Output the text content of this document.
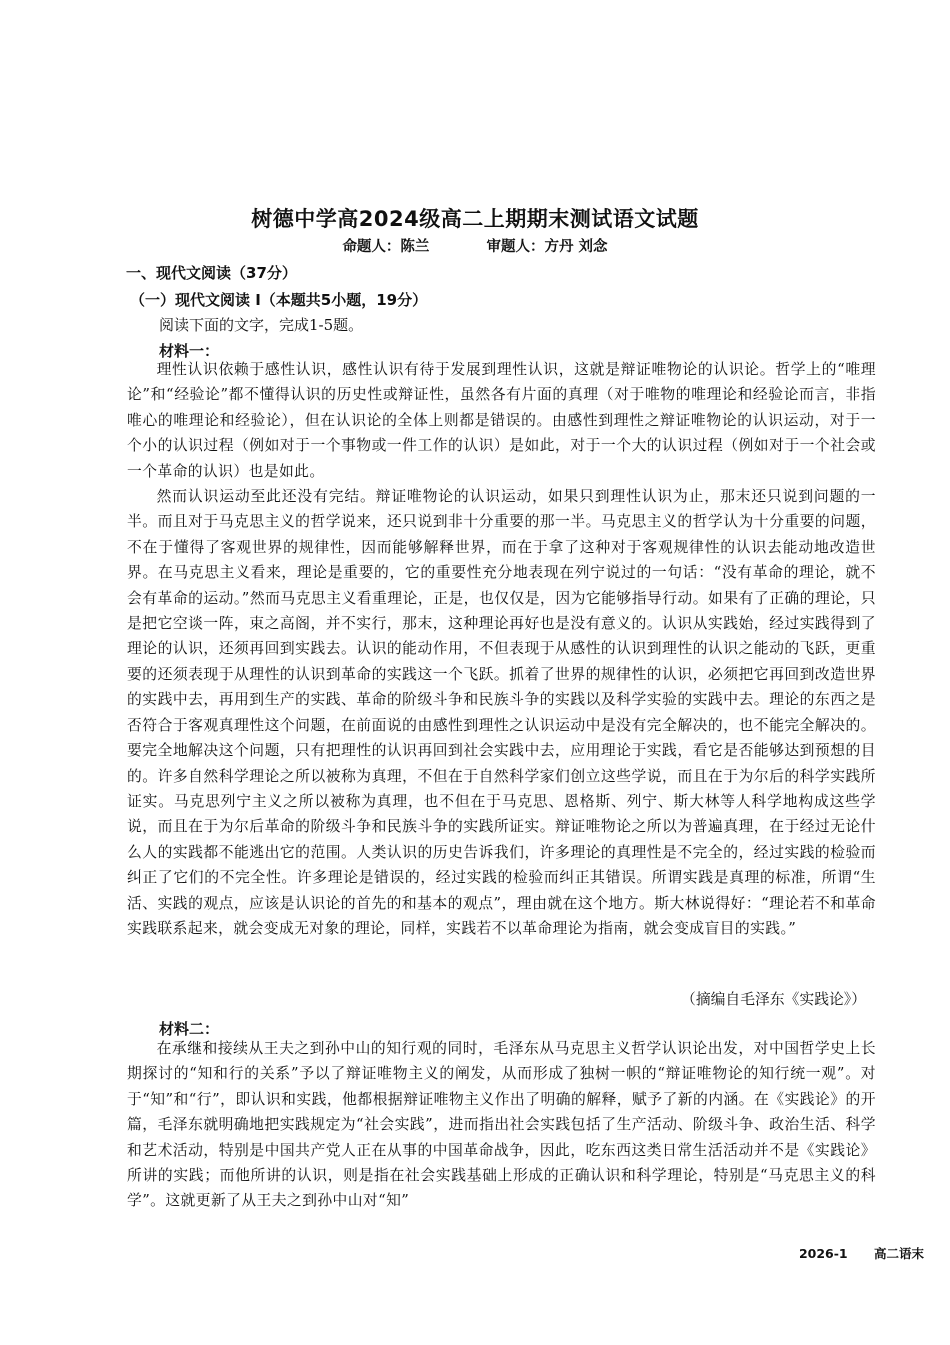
树德中学高2024级高二上期期末测试语文试题
命题人：陈兰	审题人：方丹 刘念
一、现代文阅读（37分）
（一）现代文阅读 I（本题共5小题，19分）
阅读下面的文字，完成1-5题。
材料一：

理性认识依赖于感性认识，感性认识有待于发展到理性认识，这就是辩证唯物论的认识论。哲学上的“唯理论”和“经验论”都不懂得认识的历史性或辩证性，虽然各有片面的真理（对于唯物的唯理论和经验论而言，非指唯心的唯理论和经验论），但在认识论的全体上则都是错误的。由感性到理性之辩证唯物论的认识运动，对于一个小的认识过程（例如对于一个事物或一件工作的认识）是如此，对于一个大的认识过程（例如对于一个社会或一个革命的认识）也是如此。

然而认识运动至此还没有完结。辩证唯物论的认识运动，如果只到理性认识为止，那末还只说到问题的一半。而且对于马克思主义的哲学说来，还只说到非十分重要的那一半。马克思主义的哲学认为十分重要的问题，不在于懂得了客观世界的规律性，因而能够解释世界，而在于拿了这种对于客观规律性的认识去能动地改造世界。在马克思主义看来，理论是重要的，它的重要性充分地表现在列宁说过的一句话：“没有革命的理论，就不会有革命的运动。”然而马克思主义看重理论，正是，也仅仅是，因为它能够指导行动。如果有了正确的理论，只是把它空谈一阵，束之高阁，并不实行，那末，这种理论再好也是没有意义的。认识从实践始，经过实践得到了理论的认识，还须再回到实践去。认识的能动作用，不但表现于从感性的认识到理性的认识之能动的飞跃，更重要的还须表现于从理性的认识到革命的实践这一个飞跃。抓着了世界的规律性的认识，必须把它再回到改造世界的实践中去，再用到生产的实践、革命的阶级斗争和民族斗争的实践以及科学实验的实践中去。理论的东西之是否符合于客观真理性这个问题，在前面说的由感性到理性之认识运动中是没有完全解决的，也不能完全解决的。要完全地解决这个问题，只有把理性的认识再回到社会实践中去，应用理论于实践，看它是否能够达到预想的目的。许多自然科学理论之所以被称为真理，不但在于自然科学家们创立这些学说，而且在于为尔后的科学实践所证实。马克思列宁主义之所以被称为真理，也不但在于马克思、恩格斯、列宁、斯大林等人科学地构成这些学说，而且在于为尔后革命的阶级斗争和民族斗争的实践所证实。辩证唯物论之所以为普遍真理，在于经过无论什么人的实践都不能逃出它的范围。人类认识的历史告诉我们，许多理论的真理性是不完全的，经过实践的检验而纠正了它们的不完全性。许多理论是错误的，经过实践的检验而纠正其错误。所谓实践是真理的标准，所谓“生活、实践的观点，应该是认识论的首先的和基本的观点”，理由就在这个地方。斯大林说得好：“理论若不和革命实践联系起来，就会变成无对象的理论，同样，实践若不以革命理论为指南，就会变成盲目的实践。”

（摘编自毛泽东《实践论》）
材料二：

在承继和接续从王夫之到孙中山的知行观的同时，毛泽东从马克思主义哲学认识论出发，对中国哲学史上长期探讨的“知和行的关系”予以了辩证唯物主义的阐发，从而形成了独树一帜的“辩证唯物论的知行统一观”。对于“知”和“行”，即认识和实践，他都根据辩证唯物主义作出了明确的解释，赋予了新的内涵。在《实践论》的开篇，毛泽东就明确地把实践规定为“社会实践”，进而指出社会实践包括了生产活动、阶级斗争、政治生活、科学和艺术活动，特别是中国共产党人正在从事的中国革命战争，因此，吃东西这类日常生活活动并不是《实践论》所讲的实践；而他所讲的认识，则是指在社会实践基础上形成的正确认识和科学理论，特别是“马克思主义的科学”。这就更新了从王夫之到孙中山对“知”

2026-1 高二语末
